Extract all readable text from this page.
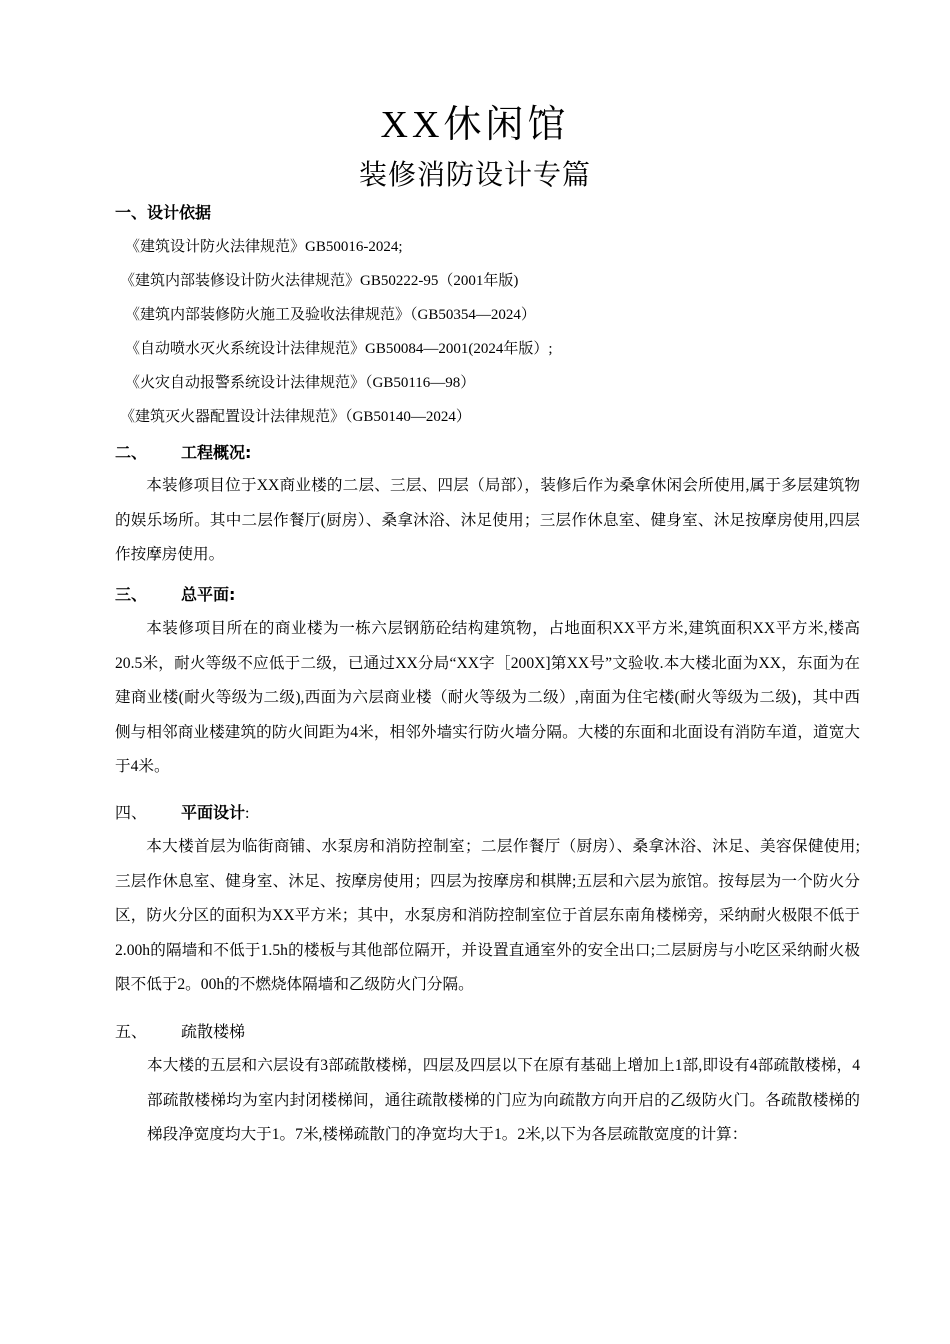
XX休闲馆
装修消防设计专篇
一、设计依据
《建筑设计防火法律规范》GB50016-2024;
《建筑内部装修设计防火法律规范》GB50222-95（2001年版)
《建筑内部装修防火施工及验收法律规范》（GB50354—2024）
《自动喷水灭火系统设计法律规范》GB50084—2001(2024年版）;
《火灾自动报警系统设计法律规范》（GB50116—98）
《建筑灭火器配置设计法律规范》（GB50140—2024）
二、 工程概况:

本装修项目位于XX商业楼的二层、三层、四层（局部），装修后作为桑拿休闲会所使用,属于多层建筑物的娱乐场所。其中二层作餐厅(厨房）、桑拿沐浴、沐足使用；三层作休息室、健身室、沐足按摩房使用,四层作按摩房使用。

三、 总平面:

本装修项目所在的商业楼为一栋六层钢筋砼结构建筑物，占地面积XX平方米,建筑面积XX平方米,楼高20.5米，耐火等级不应低于二级，已通过XX分局“XX字［200X]第XX号”文验收.本大楼北面为XX，东面为在建商业楼(耐火等级为二级),西面为六层商业楼（耐火等级为二级）,南面为住宅楼(耐火等级为二级)，其中西侧与相邻商业楼建筑的防火间距为4米，相邻外墙实行防火墙分隔。大楼的东面和北面设有消防车道，道宽大于4米。

四、 平面设计:

本大楼首层为临街商铺、水泵房和消防控制室；二层作餐厅（厨房）、桑拿沐浴、沐足、美容保健使用;三层作休息室、健身室、沐足、按摩房使用；四层为按摩房和棋牌;五层和六层为旅馆。按每层为一个防火分区，防火分区的面积为XX平方米；其中，水泵房和消防控制室位于首层东南角楼梯旁，采纳耐火极限不低于2.00h的隔墙和不低于1.5h的楼板与其他部位隔开，并设置直通室外的安全出口;二层厨房与小吃区采纳耐火极限不低于2。00h的不燃烧体隔墙和乙级防火门分隔。

五、 疏散楼梯

本大楼的五层和六层设有3部疏散楼梯，四层及四层以下在原有基础上增加上1部,即设有4部疏散楼梯，4部疏散楼梯均为室内封闭楼梯间，通往疏散楼梯的门应为向疏散方向开启的乙级防火门。各疏散楼梯的梯段净宽度均大于1。7米,楼梯疏散门的净宽均大于1。2米,以下为各层疏散宽度的计算：
